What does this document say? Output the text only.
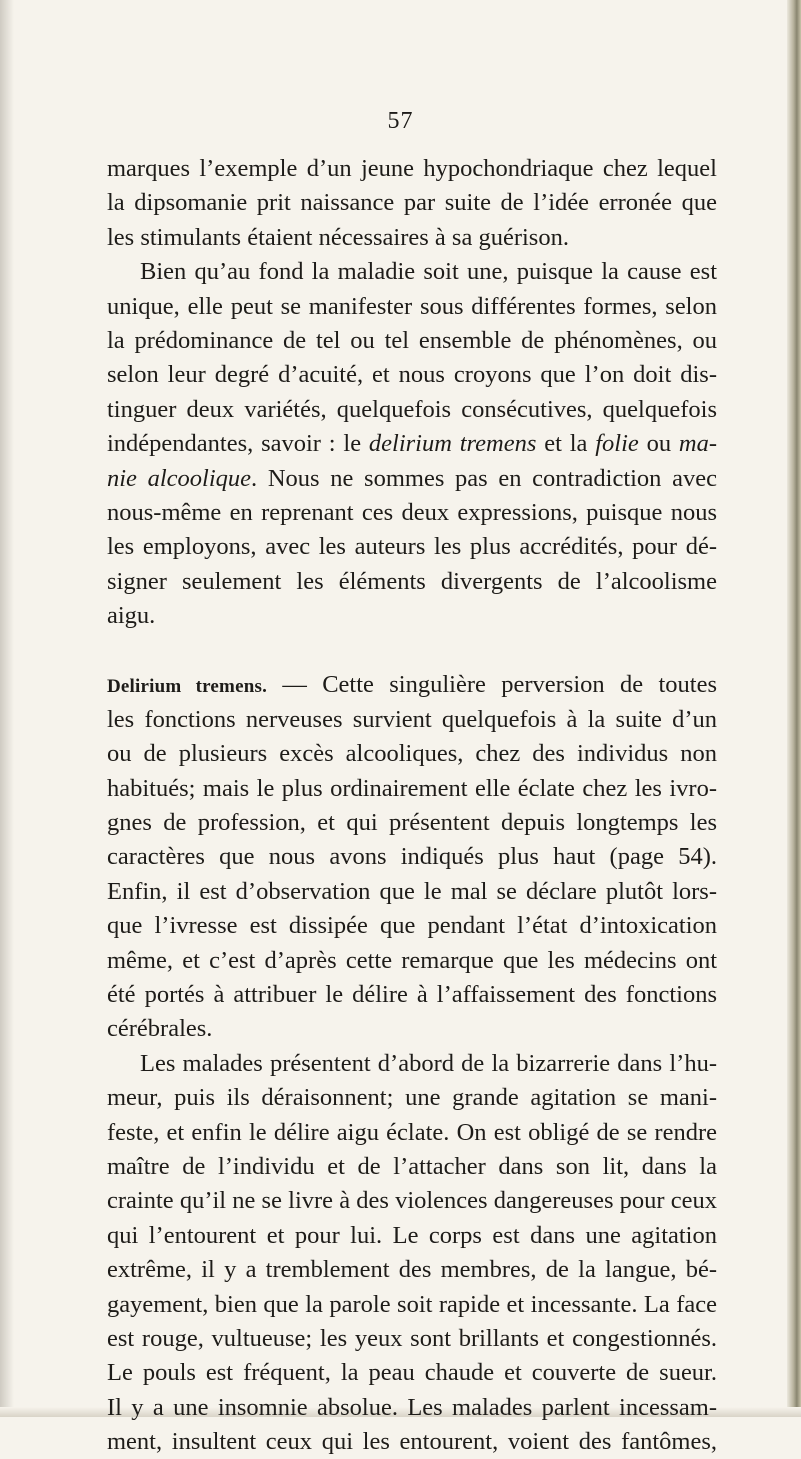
57
marques l’exemple d’un jeune hypochondriaque chez lequel
la dipsomanie prit naissance par suite de l’idée erronée que
les stimulants étaient nécessaires à sa guérison.
Bien qu’au fond la maladie soit une, puisque la cause est
unique, elle peut se manifester sous différentes formes, selon
la prédominance de tel ou tel ensemble de phénomènes, ou
selon leur degré d’acuité, et nous croyons que l’on doit dis-
tinguer deux variétés, quelquefois consécutives, quelquefois
indépendantes, savoir : le delirium tremens et la folie ou ma-
nie alcoolique. Nous ne sommes pas en contradiction avec
nous-même en reprenant ces deux expressions, puisque nous
les employons, avec les auteurs les plus accrédités, pour dé-
signer seulement les éléments divergents de l’alcoolisme
aigu.
Delirium tremens. — Cette singulière perversion de toutes
les fonctions nerveuses survient quelquefois à la suite d’un
ou de plusieurs excès alcooliques, chez des individus non
habitués; mais le plus ordinairement elle éclate chez les ivro-
gnes de profession, et qui présentent depuis longtemps les
caractères que nous avons indiqués plus haut (page 54).
Enfin, il est d’observation que le mal se déclare plutôt lors-
que l’ivresse est dissipée que pendant l’état d’intoxication
même, et c’est d’après cette remarque que les médecins ont
été portés à attribuer le délire à l’affaissement des fonctions
cérébrales.
Les malades présentent d’abord de la bizarrerie dans l’hu-
meur, puis ils déraisonnent; une grande agitation se mani-
feste, et enfin le délire aigu éclate. On est obligé de se rendre
maître de l’individu et de l’attacher dans son lit, dans la
crainte qu’il ne se livre à des violences dangereuses pour ceux
qui l’entourent et pour lui. Le corps est dans une agitation
extrême, il y a tremblement des membres, de la langue, bé-
gayement, bien que la parole soit rapide et incessante. La face
est rouge, vultueuse; les yeux sont brillants et congestionnés.
Le pouls est fréquent, la peau chaude et couverte de sueur.
Il y a une insomnie absolue. Les malades parlent incessam-
ment, insultent ceux qui les entourent, voient des fantômes,
